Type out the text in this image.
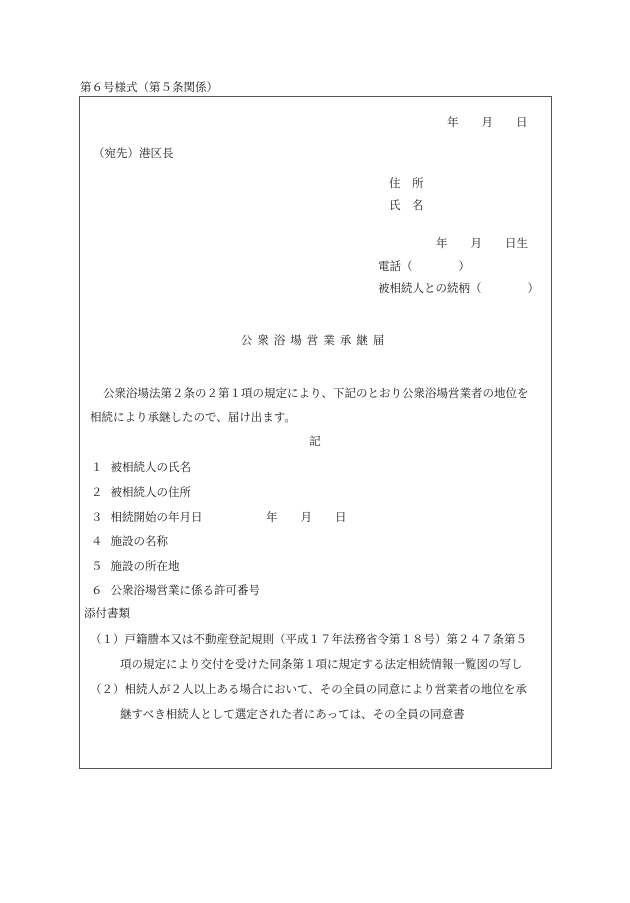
第６号様式（第５条関係）
年　　月　　日
（宛先）港区長
住　所
氏　名
年　　月　　日生
電話（　　　　）
被相続人との続柄（　　　　）
公衆浴場営業承継届
公衆浴場法第２条の２第１項の規定により、下記のとおり公衆浴場営業者の地位を
相続により承継したので、届け出ます。
記
１ 被相続人の氏名
２ 被相続人の住所
３ 相続開始の年月日	年　　月　　日
４ 施設の名称
５ 施設の所在地
６ 公衆浴場営業に係る許可番号
添付書類
（１）戸籍謄本又は不動産登記規則（平成１７年法務省令第１８号）第２４７条第５
項の規定により交付を受けた同条第１項に規定する法定相続情報一覧図の写し
（２）相続人が２人以上ある場合において、その全員の同意により営業者の地位を承
継すべき相続人として選定された者にあっては、その全員の同意書
